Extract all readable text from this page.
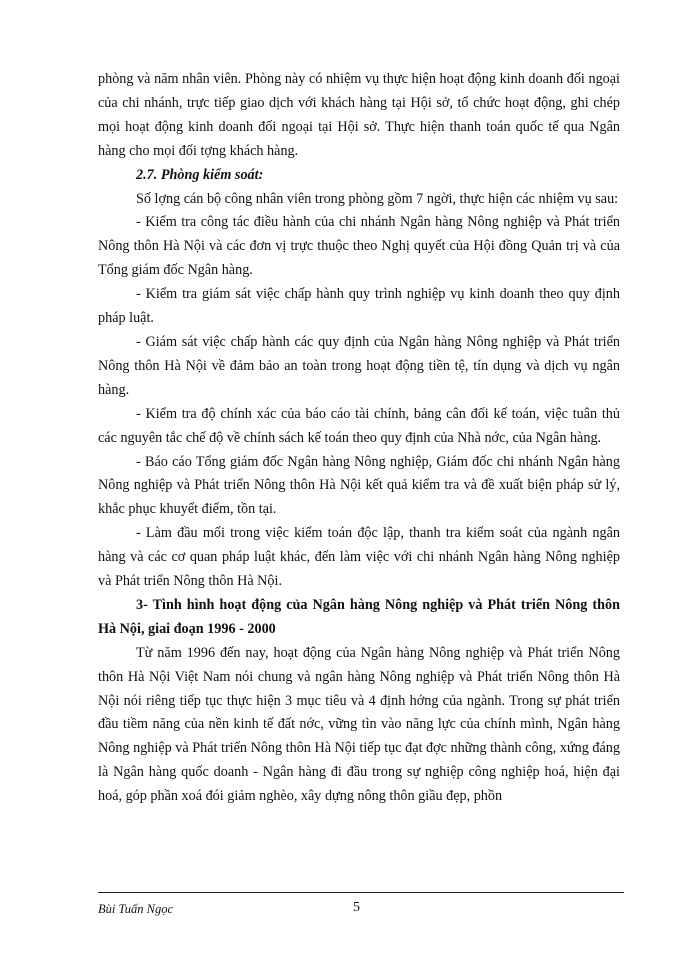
phòng và năm nhân viên. Phòng này có nhiệm vụ thực hiện hoạt động kinh doanh đối ngoại của chi nhánh, trực tiếp giao dịch với khách hàng tại Hội sở, tổ chức hoạt động, ghi chép mọi hoạt động kinh doanh đối ngoại tại Hội sở. Thực hiện thanh toán quốc tế qua Ngân hàng cho mọi đối tợng khách hàng.

2.7. Phòng kiểm soát:

Số lợng cán bộ công nhân viên trong phòng gồm 7 ngời, thực hiện các nhiệm vụ sau:

- Kiểm tra công tác điều hành của chi nhánh Ngân hàng Nông nghiệp và Phát triển Nông thôn Hà Nội và các đơn vị trực thuộc theo Nghị quyết của Hội đồng Quản trị và của Tổng giám đốc Ngân hàng.

- Kiểm tra giám sát việc chấp hành quy trình nghiệp vụ kinh doanh theo quy định pháp luật.

- Giám sát việc chấp hành các quy định của Ngân hàng Nông nghiệp và Phát triển Nông thôn Hà Nội về đảm bảo an toàn trong hoạt động tiền tệ, tín dụng và dịch vụ ngân hàng.

- Kiểm tra độ chính xác của báo cáo tài chính, bảng cân đối kế toán, việc tuân thủ các nguyên tắc chế độ về chính sách kế toán theo quy định của Nhà nớc, của Ngân hàng.

- Báo cáo Tổng giám đốc Ngân hàng Nông nghiệp, Giám đốc chi nhánh Ngân hàng Nông nghiệp và Phát triển Nông thôn Hà Nội kết quả kiểm tra và đề xuất biện pháp sử lý, khắc phục khuyết điểm, tồn tại.

- Làm đầu mối trong việc kiểm toán độc lập, thanh tra kiểm soát của ngành ngân hàng và các cơ quan pháp luật khác, đến làm việc với chi nhánh Ngân hàng Nông nghiệp và Phát triển Nông thôn Hà Nội.

3- Tình hình hoạt động của Ngân hàng Nông nghiệp và Phát triển Nông thôn Hà Nội, giai đoạn 1996 - 2000

Từ năm 1996 đến nay, hoạt động của Ngân hàng Nông nghiệp và Phát triển Nông thôn Hà Nội Việt Nam nói chung và ngân hàng Nông nghiệp và Phát triển Nông thôn Hà Nội nói riêng tiếp tục thực hiện 3 mục tiêu và 4 định hớng của ngành. Trong sự phát triển đầu tiềm năng của nền kinh tế đất nớc, vững tìn vào năng lực của chính mình, Ngân hàng Nông nghiệp và Phát triển Nông thôn Hà Nội tiếp tục đạt đợc những thành công, xứng đáng là Ngân hàng quốc doanh - Ngân hàng đi đầu trong sự nghiệp công nghiệp hoá, hiện đại hoá, góp phần xoá đói giảm nghèo, xây dựng nông thôn giầu đẹp, phồn

Bùi Tuấn Ngọc	5
